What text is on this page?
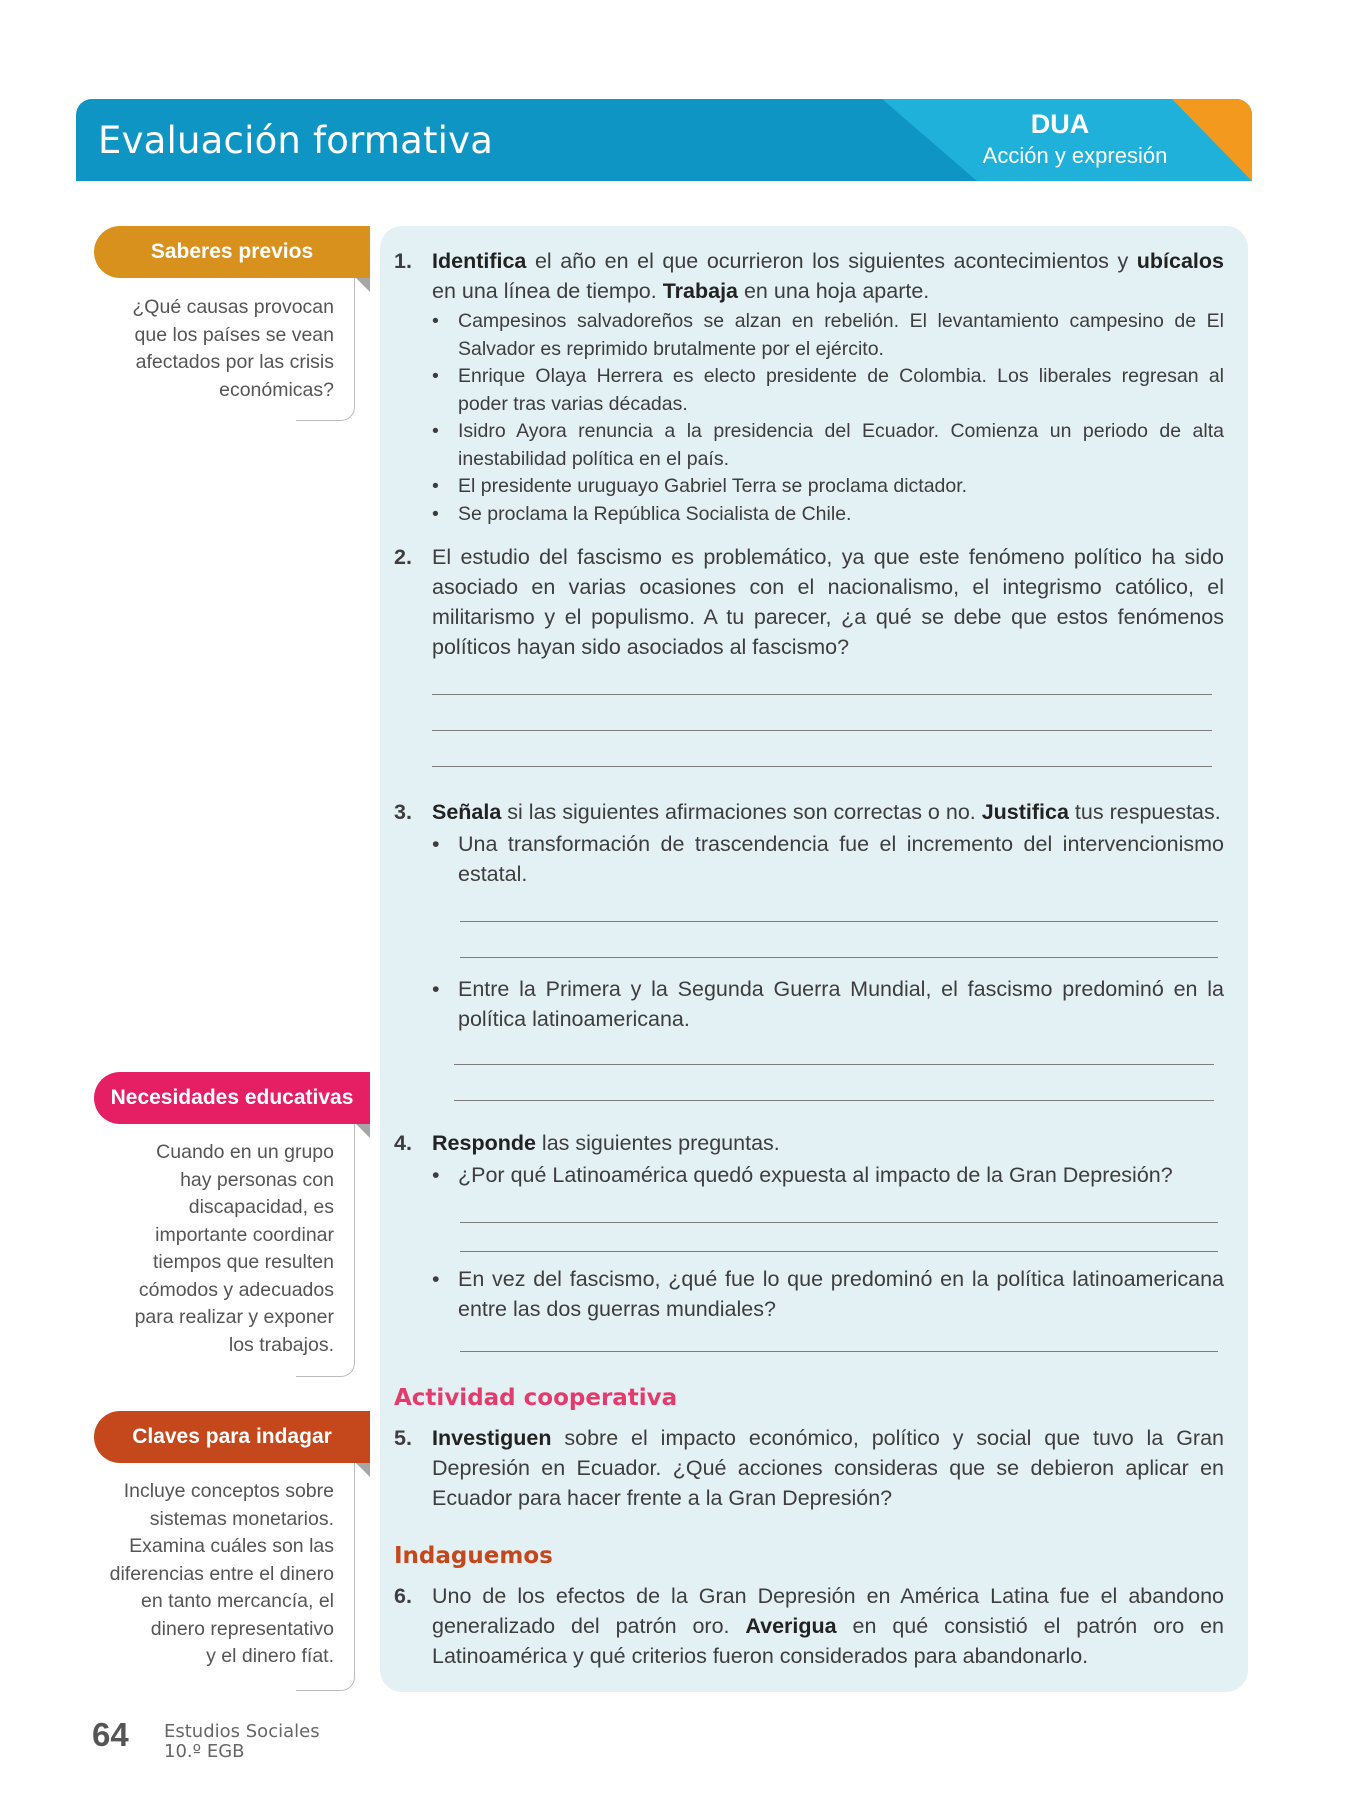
Evaluación formativa	DUA
Acción y expresión
Saberes previos
¿Qué causas provocan
que los países se vean
afectados por las crisis
económicas?
Necesidades educativas
Cuando en un grupo
hay personas con
discapacidad, es
importante coordinar
tiempos que resulten
cómodos y adecuados
para realizar y exponer
los trabajos.
Claves para indagar
Incluye conceptos sobre
sistemas monetarios.
Examina cuáles son las
diferencias entre el dinero
en tanto mercancía, el
dinero representativo
y el dinero fíat.
1. Identifica el año en el que ocurrieron los siguientes acontecimientos y ubícalos en una línea de tiempo. Trabaja en una hoja aparte.
• Campesinos salvadoreños se alzan en rebelión. El levantamiento campesino de El Salvador es reprimido brutalmente por el ejército.
• Enrique Olaya Herrera es electo presidente de Colombia. Los liberales regresan al poder tras varias décadas.
• Isidro Ayora renuncia a la presidencia del Ecuador. Comienza un periodo de alta inestabilidad política en el país.
• El presidente uruguayo Gabriel Terra se proclama dictador.
• Se proclama la República Socialista de Chile.
2. El estudio del fascismo es problemático, ya que este fenómeno político ha sido asociado en varias ocasiones con el nacionalismo, el integrismo católico, el militarismo y el populismo. A tu parecer, ¿a qué se debe que estos fenómenos políticos hayan sido asociados al fascismo?
3. Señala si las siguientes afirmaciones son correctas o no. Justifica tus respuestas.
• Una transformación de trascendencia fue el incremento del intervencionismo estatal.
• Entre la Primera y la Segunda Guerra Mundial, el fascismo predominó en la política latinoamericana.
4. Responde las siguientes preguntas.
• ¿Por qué Latinoamérica quedó expuesta al impacto de la Gran Depresión?
• En vez del fascismo, ¿qué fue lo que predominó en la política latinoamericana entre las dos guerras mundiales?
Actividad cooperativa
5. Investiguen sobre el impacto económico, político y social que tuvo la Gran Depresión en Ecuador. ¿Qué acciones consideras que se debieron aplicar en Ecuador para hacer frente a la Gran Depresión?
Indaguemos
6. Uno de los efectos de la Gran Depresión en América Latina fue el abandono generalizado del patrón oro. Averigua en qué consistió el patrón oro en Latinoamérica y qué criterios fueron considerados para abandonarlo.
64 Estudios Sociales
10.º EGB
